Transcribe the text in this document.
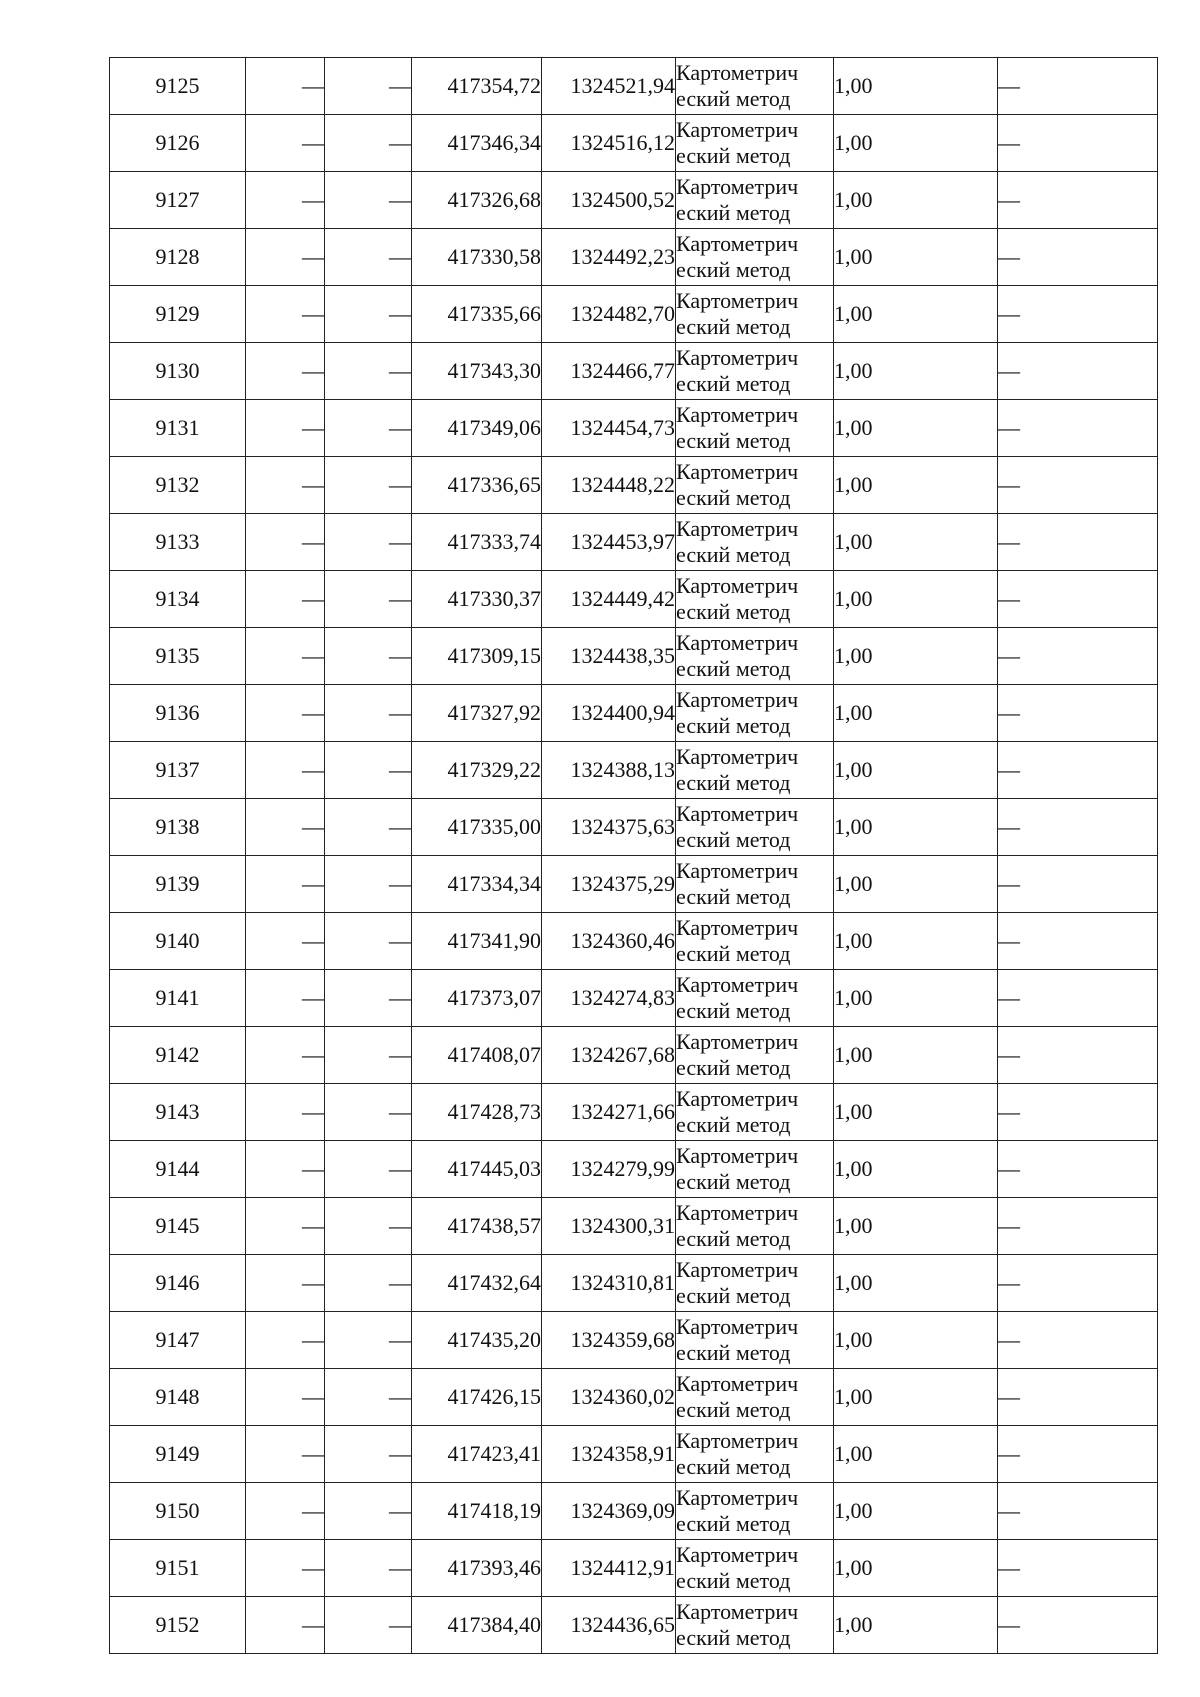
9125	—	—	417354,72	1324521,94	Картометрич
еский метод	1,00	—
9126	—	—	417346,34	1324516,12	Картометрич
еский метод	1,00	—
9127	—	—	417326,68	1324500,52	Картометрич
еский метод	1,00	—
9128	—	—	417330,58	1324492,23	Картометрич
еский метод	1,00	—
9129	—	—	417335,66	1324482,70	Картометрич
еский метод	1,00	—
9130	—	—	417343,30	1324466,77	Картометрич
еский метод	1,00	—
9131	—	—	417349,06	1324454,73	Картометрич
еский метод	1,00	—
9132	—	—	417336,65	1324448,22	Картометрич
еский метод	1,00	—
9133	—	—	417333,74	1324453,97	Картометрич
еский метод	1,00	—
9134	—	—	417330,37	1324449,42	Картометрич
еский метод	1,00	—
9135	—	—	417309,15	1324438,35	Картометрич
еский метод	1,00	—
9136	—	—	417327,92	1324400,94	Картометрич
еский метод	1,00	—
9137	—	—	417329,22	1324388,13	Картометрич
еский метод	1,00	—
9138	—	—	417335,00	1324375,63	Картометрич
еский метод	1,00	—
9139	—	—	417334,34	1324375,29	Картометрич
еский метод	1,00	—
9140	—	—	417341,90	1324360,46	Картометрич
еский метод	1,00	—
9141	—	—	417373,07	1324274,83	Картометрич
еский метод	1,00	—
9142	—	—	417408,07	1324267,68	Картометрич
еский метод	1,00	—
9143	—	—	417428,73	1324271,66	Картометрич
еский метод	1,00	—
9144	—	—	417445,03	1324279,99	Картометрич
еский метод	1,00	—
9145	—	—	417438,57	1324300,31	Картометрич
еский метод	1,00	—
9146	—	—	417432,64	1324310,81	Картометрич
еский метод	1,00	—
9147	—	—	417435,20	1324359,68	Картометрич
еский метод	1,00	—
9148	—	—	417426,15	1324360,02	Картометрич
еский метод	1,00	—
9149	—	—	417423,41	1324358,91	Картометрич
еский метод	1,00	—
9150	—	—	417418,19	1324369,09	Картометрич
еский метод	1,00	—
9151	—	—	417393,46	1324412,91	Картометрич
еский метод	1,00	—
9152	—	—	417384,40	1324436,65	Картометрич
еский метод	1,00	—
